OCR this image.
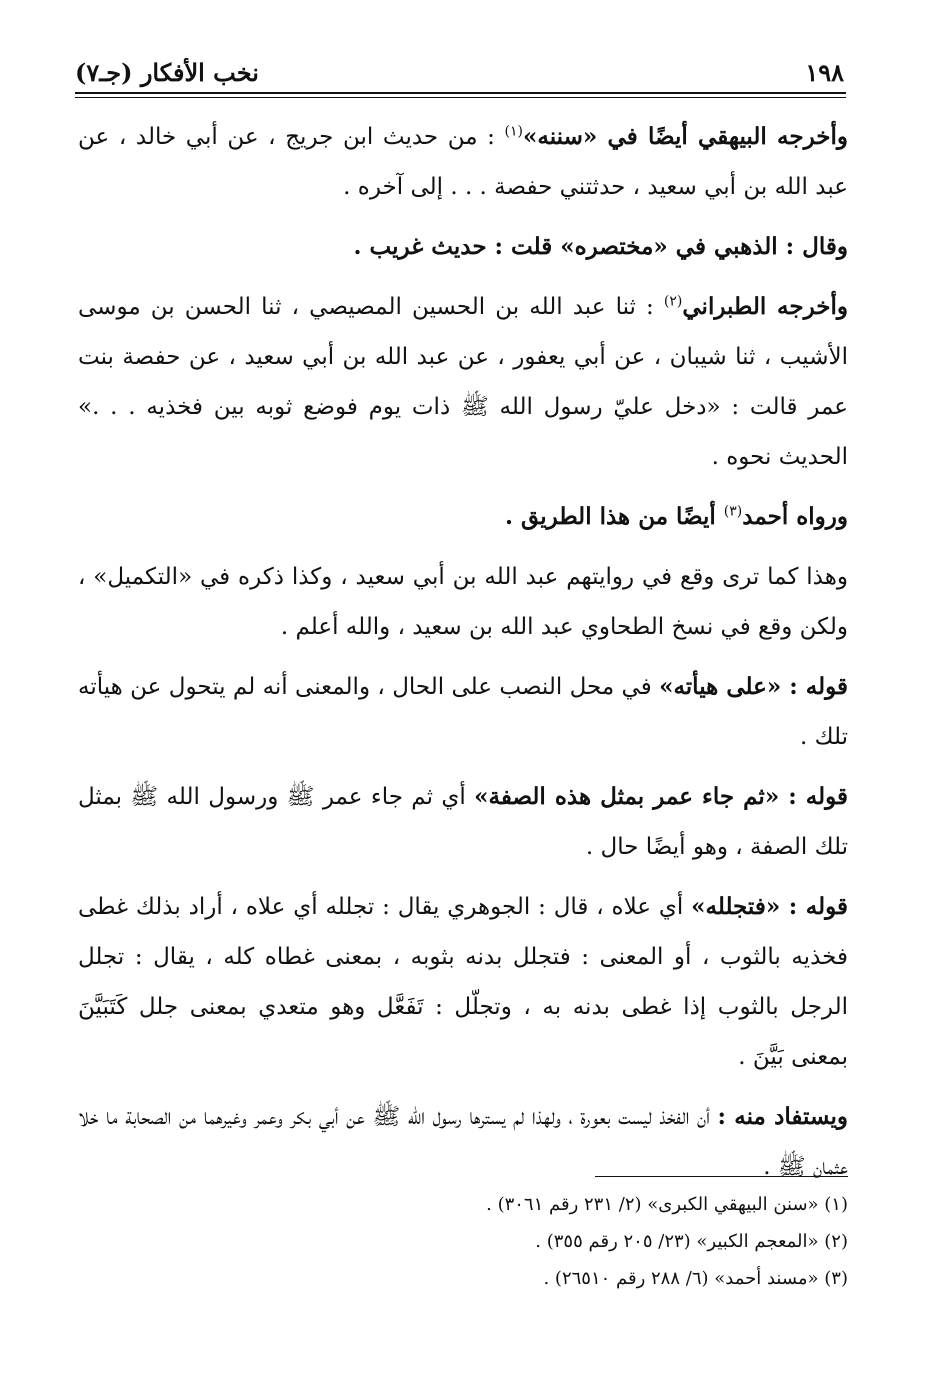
١٩٨
نخب الأفكار (جـ٧)

وأخرجه البيهقي أيضًا في «سننه»$^{(١)}$ : من حديث ابن جريج ، عن أبي خالد ، عن عبد الله بن أبي سعيد ، حدثتني حفصة . . . إلى آخره .

وقال : الذهبي في «مختصره» قلت : حديث غريب .

وأخرجه الطبراني$^{(٢)}$ : ثنا عبد الله بن الحسين المصيصي ، ثنا الحسن بن موسى الأشيب ، ثنا شيبان ، عن أبي يعفور ، عن عبد الله بن أبي سعيد ، عن حفصة بنت عمر قالت : «دخل عليّ رسول الله ﷺ ذات يوم فوضع ثوبه بين فخذيه . . .» الحديث نحوه .

ورواه أحمد$^{(٣)}$ أيضًا من هذا الطريق .

وهذا كما ترى وقع في روايتهم عبد الله بن أبي سعيد ، وكذا ذكره في «التكميل» ، ولكن وقع في نسخ الطحاوي عبد الله بن سعيد ، والله أعلم .

قوله : «على هيأته» في محل النصب على الحال ، والمعنى أنه لم يتحول عن هيأته تلك .

قوله : «ثم جاء عمر بمثل هذه الصفة» أي ثم جاء عمر ﷺ ورسول الله ﷺ بمثل تلك الصفة ، وهو أيضًا حال .

قوله : «فتجلله» أي علاه ، قال : الجوهري يقال : تجلله أي علاه ، أراد بذلك غطى فخذيه بالثوب ، أو المعنى : فتجلل بدنه بثوبه ، بمعنى غطاه كله ، يقال : تجلل الرجل بالثوب إذا غطى بدنه به ، وتجلّل : تَفَعَّل وهو متعدي بمعنى جلل كَتَبَيَّنَ بمعنى بَيَّنَ .

ويستفاد منه : أن الفخذ ليست بعورة ، ولهذا لم يسترها رسول الله ﷺ عن أبي بكر وعمر وغيرهما من الصحابة ما خلا عثمان ﷺ .

(١) «سنن البيهقي الكبرى» (٢/ ٢٣١ رقم ٣٠٦١) .
(٢) «المعجم الكبير» (٢٣/ ٢٠٥ رقم ٣٥٥) .
(٣) «مسند أحمد» (٦/ ٢٨٨ رقم ٢٦٥١٠) .
